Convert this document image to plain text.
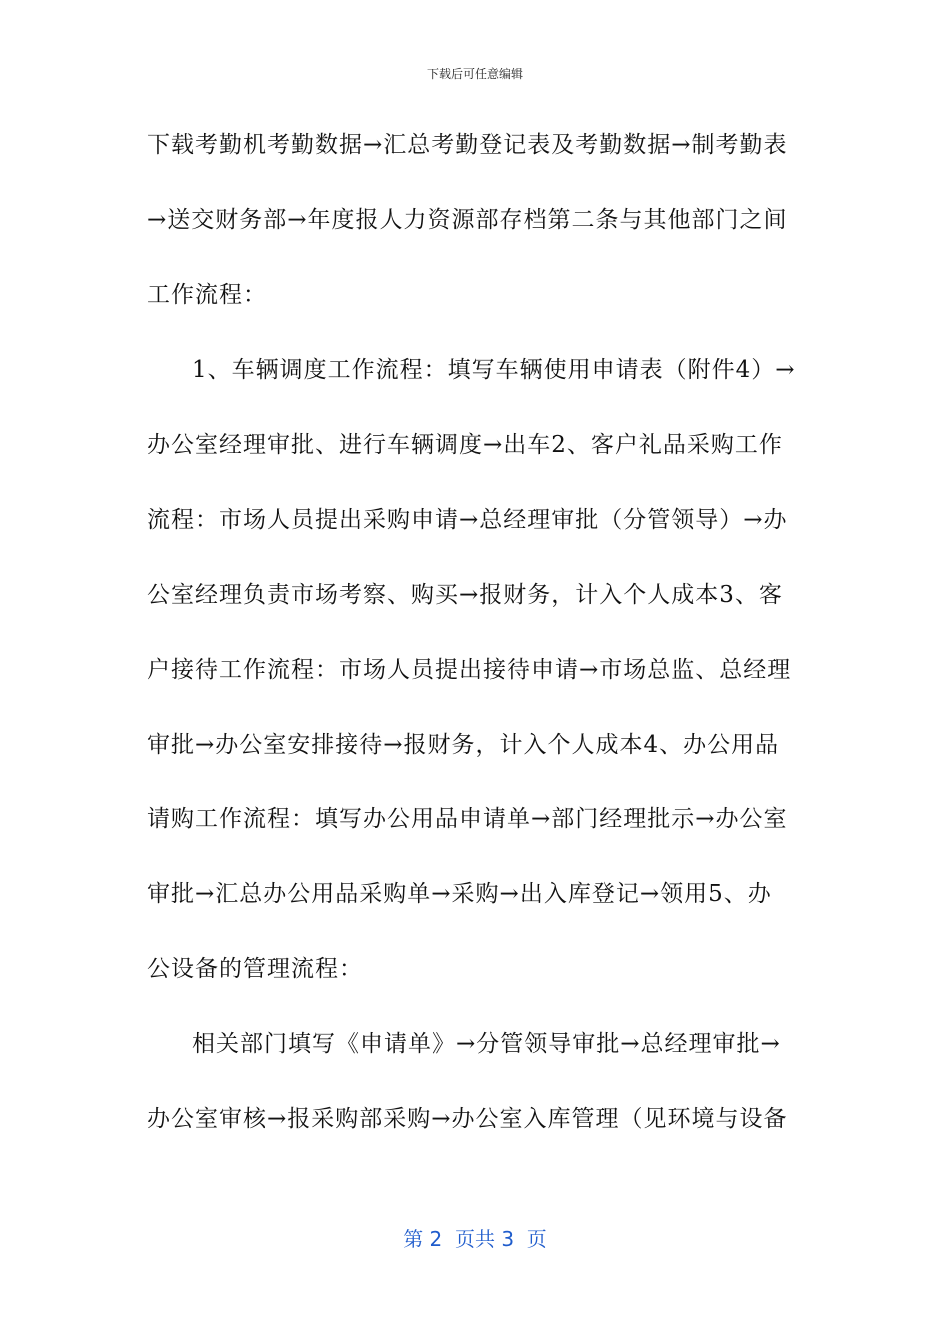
下载后可任意编辑
下载考勤机考勤数据→汇总考勤登记表及考勤数据→制考勤表
→送交财务部→年度报人力资源部存档第二条与其他部门之间
工作流程：
1、车辆调度工作流程：填写车辆使用申请表（附件4）→
办公室经理审批、进行车辆调度→出车2、客户礼品采购工作
流程：市场人员提出采购申请→总经理审批（分管领导）→办
公室经理负责市场考察、购买→报财务，计入个人成本3、客
户接待工作流程：市场人员提出接待申请→市场总监、总经理
审批→办公室安排接待→报财务，计入个人成本4、办公用品
请购工作流程：填写办公用品申请单→部门经理批示→办公室
审批→汇总办公用品采购单→采购→出入库登记→领用5、办
公设备的管理流程：
相关部门填写《申请单》→分管领导审批→总经理审批→
办公室审核→报采购部采购→办公室入库管理（见环境与设备
第 2  页共 3  页
